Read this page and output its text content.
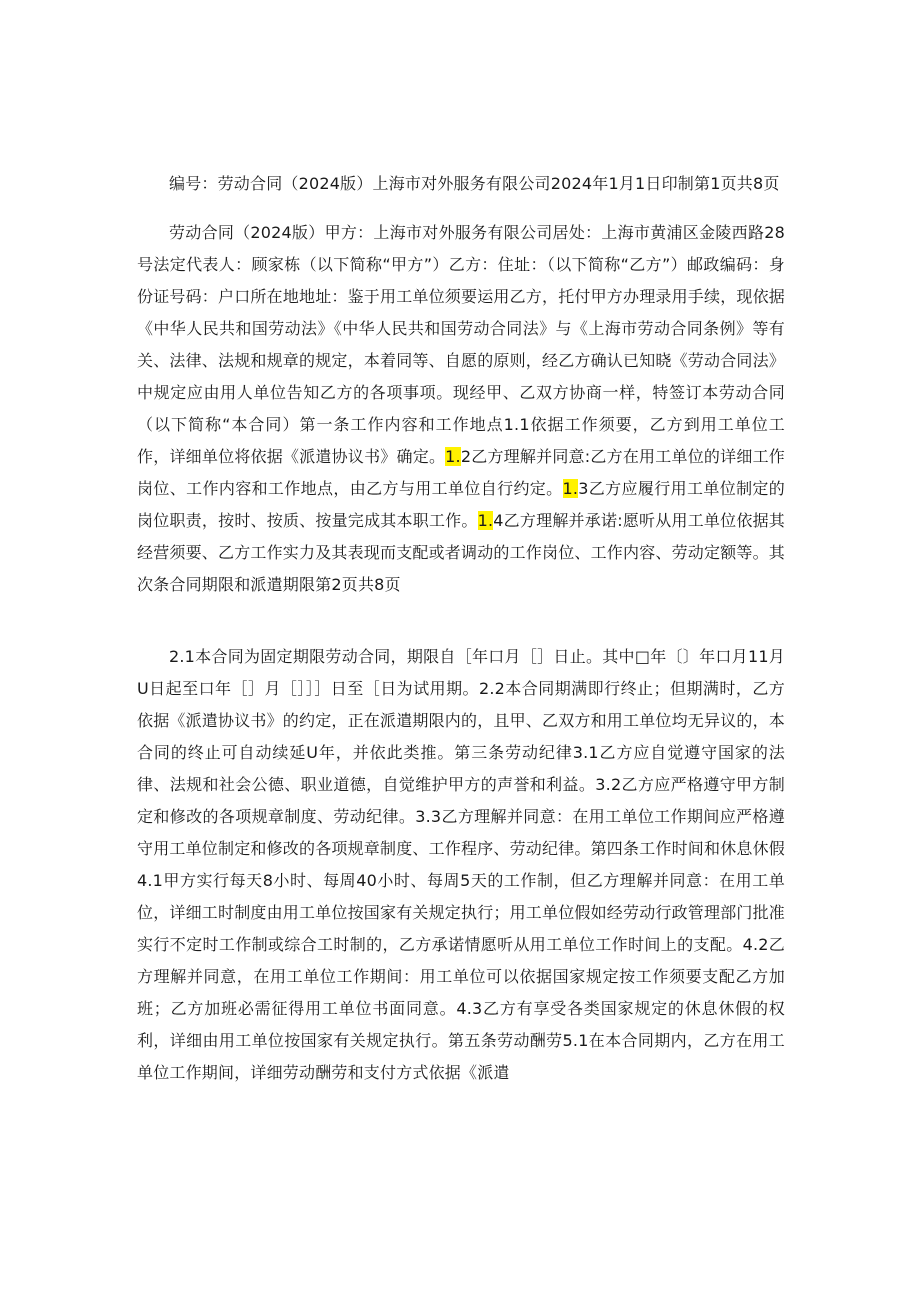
编号：劳动合同（2024版）上海市对外服务有限公司2024年1月1日印制第1页共8页

劳动合同（2024版）甲方：上海市对外服务有限公司居处：上海市黄浦区金陵西路28号法定代表人：顾家栋（以下简称“甲方”）乙方：住址：（以下简称“乙方”）邮政编码：身份证号码：户口所在地地址：鉴于用工单位须要运用乙方，托付甲方办理录用手续，现依据《中华人民共和国劳动法》《中华人民共和国劳动合同法》与《上海市劳动合同条例》等有关、法律、法规和规章的规定，本着同等、自愿的原则，经乙方确认已知晓《劳动合同法》中规定应由用人单位告知乙方的各项事项。现经甲、乙双方协商一样，特签订本劳动合同（以下简称“本合同）第一条工作内容和工作地点1.1依据工作须要，乙方到用工单位工作，详细单位将依据《派遣协议书》确定。1.2乙方理解并同意:乙方在用工单位的详细工作岗位、工作内容和工作地点，由乙方与用工单位自行约定。1.3乙方应履行用工单位制定的岗位职责，按时、按质、按量完成其本职工作。1.4乙方理解并承诺:愿听从用工单位依据其经营须要、乙方工作实力及其表现而支配或者调动的工作岗位、工作内容、劳动定额等。其次条合同期限和派遣期限第2页共8页

2.1本合同为固定期限劳动合同，期限自［年口月［］日止。其中□年〔〕年口月11月U日起至口年［］月［］］］日至［日为试用期。2.2本合同期满即行终止；但期满时，乙方依据《派遣协议书》的约定，正在派遣期限内的，且甲、乙双方和用工单位均无异议的，本合同的终止可自动续延U年，并依此类推。第三条劳动纪律3.1乙方应自觉遵守国家的法律、法规和社会公德、职业道德，自觉维护甲方的声誉和利益。3.2乙方应严格遵守甲方制定和修改的各项规章制度、劳动纪律。3.3乙方理解并同意：在用工单位工作期间应严格遵守用工单位制定和修改的各项规章制度、工作程序、劳动纪律。第四条工作时间和休息休假4.1甲方实行每天8小时、每周40小时、每周5天的工作制，但乙方理解并同意：在用工单位，详细工时制度由用工单位按国家有关规定执行；用工单位假如经劳动行政管理部门批准实行不定时工作制或综合工时制的，乙方承诺情愿听从用工单位工作时间上的支配。4.2乙方理解并同意，在用工单位工作期间：用工单位可以依据国家规定按工作须要支配乙方加班；乙方加班必需征得用工单位书面同意。4.3乙方有享受各类国家规定的休息休假的权利，详细由用工单位按国家有关规定执行。第五条劳动酬劳5.1在本合同期内，乙方在用工单位工作期间，详细劳动酬劳和支付方式依据《派遣
